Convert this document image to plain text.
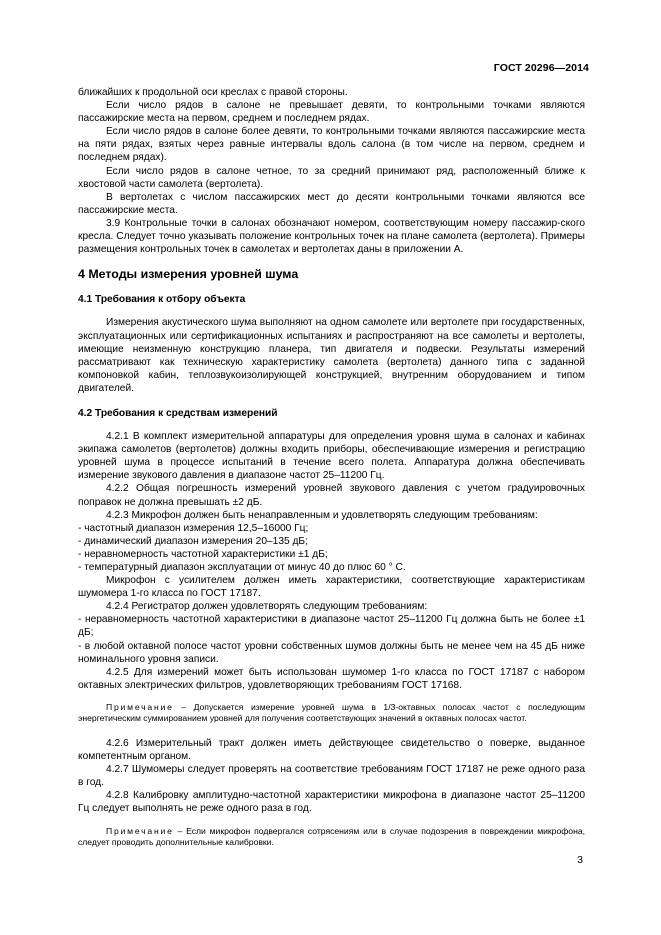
ГОСТ 20296—2014

ближайших к продольной оси креслах с правой стороны.

Если число рядов в салоне не превышает девяти, то контрольными точками являются пассажирские места на первом, среднем и последнем рядах.

Если число рядов в салоне более девяти, то контрольными точками являются пассажирские места на пяти рядах, взятых через равные интервалы вдоль салона (в том числе на первом, среднем и последнем рядах).

Если число рядов в салоне четное, то за средний принимают ряд, расположенный ближе к хвостовой части самолета (вертолета).

В вертолетах с числом пассажирских мест до десяти контрольными точками являются все пассажирские места.

3.9 Контрольные точки в салонах обозначают номером, соответствующим номеру пассажир-ского кресла. Следует точно указывать положение контрольных точек на плане самолета (вертолета). Примеры размещения контрольных точек в самолетах и вертолетах даны в приложении А.

4 Методы измерения уровней шума

4.1 Требования к отбору объекта

Измерения акустического шума выполняют на одном самолете или вертолете при государственных, эксплуатационных или сертификационных испытаниях и распространяют на все самолеты и вертолеты, имеющие неизменную конструкцию планера, тип двигателя и подвески. Результаты измерений рассматривают как техническую характеристику самолета (вертолета) данного типа с заданной компоновкой кабин, теплозвукоизолирующей конструкцией, внутренним оборудованием и типом двигателей.

4.2 Требования к средствам измерений

4.2.1 В комплект измерительной аппаратуры для определения уровня шума в салонах и кабинах экипажа самолетов (вертолетов) должны входить приборы, обеспечивающие измерения и регистрацию уровней шума в процессе испытаний в течение всего полета. Аппаратура должна обеспечивать измерение звукового давления в диапазоне частот 25–11200 Гц.

4.2.2 Общая погрешность измерений уровней звукового давления с учетом градуировочных поправок не должна превышать ±2 дБ.

4.2.3 Микрофон должен быть ненаправленным и удовлетворять следующим требованиям:

- частотный диапазон измерения 12,5–16000 Гц;

- динамический диапазон измерения 20–135 дБ;

- неравномерность частотной характеристики ±1 дБ;

- температурный диапазон эксплуатации от минус 40 до плюс 60 ° С.

Микрофон с усилителем должен иметь характеристики, соответствующие характеристикам шумомера 1-го класса по ГОСТ 17187.

4.2.4 Регистратор должен удовлетворять следующим требованиям:

- неравномерность частотной характеристики в диапазоне частот 25–11200 Гц должна быть не более ±1 дБ;

- в любой октавной полосе частот уровни собственных шумов должны быть не менее чем на 45 дБ ниже номинального уровня записи.

4.2.5 Для измерений может быть использован шумомер 1-го класса по ГОСТ 17187 с набором октавных электрических фильтров, удовлетворяющих требованиям ГОСТ 17168.

Примечание – Допускается измерение уровней шума в 1/3-октавных полосах частот с последующим энергетическим суммированием уровней для получения соответствующих значений в октавных полосах частот.

4.2.6 Измерительный тракт должен иметь действующее свидетельство о поверке, выданное компетентным органом.

4.2.7 Шумомеры следует проверять на соответствие требованиям ГОСТ 17187 не реже одного раза в год.

4.2.8 Калибровку амплитудно-частотной характеристики микрофона в диапазоне частот 25–11200 Гц следует выполнять не реже одного раза в год.

Примечание – Если микрофон подвергался сотрясениям или в случае подозрения в повреждении микрофона, следует проводить дополнительные калибровки.

3
